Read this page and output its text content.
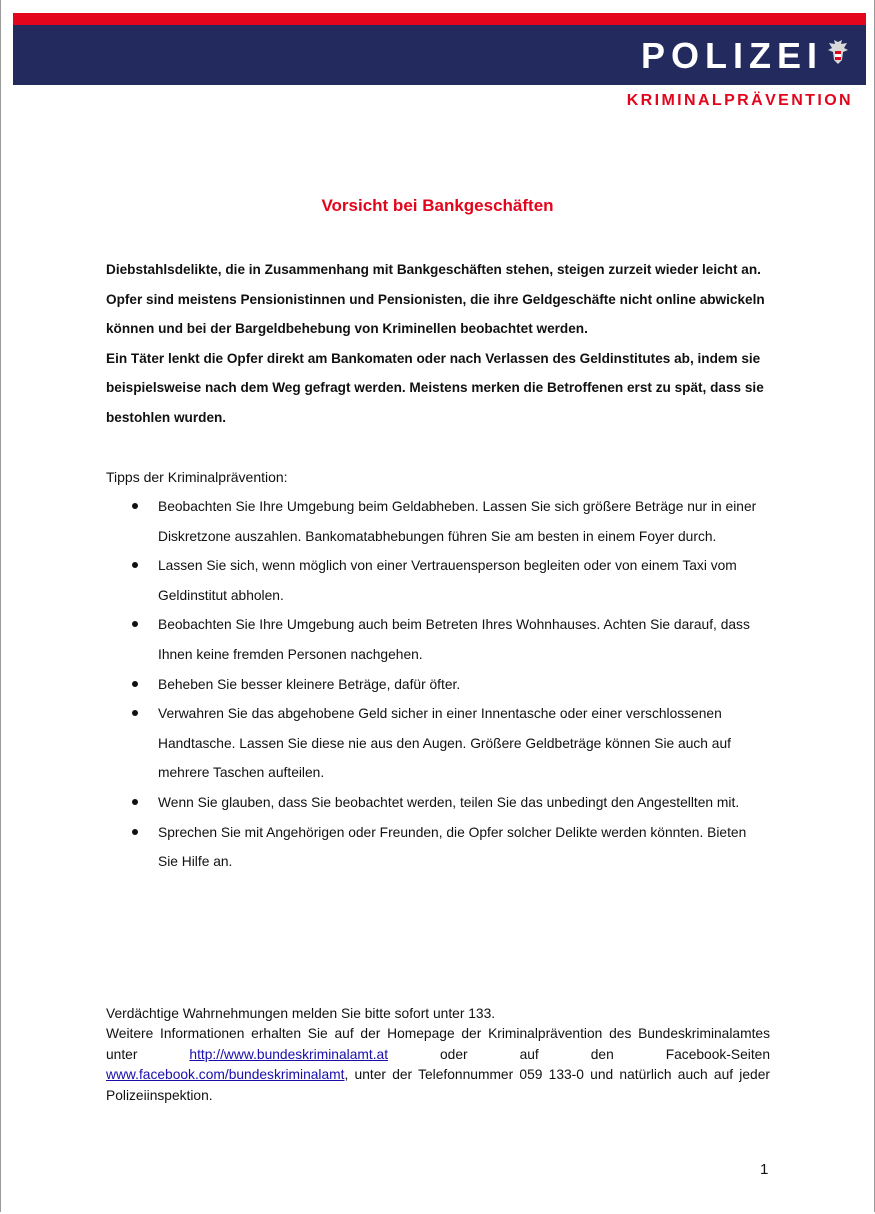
POLIZEI
KRIMINALPRÄVENTION
Vorsicht bei Bankgeschäften

Diebstahlsdelikte, die in Zusammenhang mit Bankgeschäften stehen, steigen zurzeit wieder leicht an. Opfer sind meistens Pensionistinnen und Pensionisten, die ihre Geldgeschäfte nicht online abwickeln können und bei der Bargeldbehebung von Kriminellen beobachtet werden.

Ein Täter lenkt die Opfer direkt am Bankomaten oder nach Verlassen des Geldinstitutes ab, indem sie beispielsweise nach dem Weg gefragt werden. Meistens merken die Betroffenen erst zu spät, dass sie bestohlen wurden.

Tipps der Kriminalprävention:
Beobachten Sie Ihre Umgebung beim Geldabheben. Lassen Sie sich größere Beträge nur in einer Diskretzone auszahlen. Bankomatabhebungen führen Sie am besten in einem Foyer durch.
Lassen Sie sich, wenn möglich von einer Vertrauensperson begleiten oder von einem Taxi vom Geldinstitut abholen.
Beobachten Sie Ihre Umgebung auch beim Betreten Ihres Wohnhauses. Achten Sie darauf, dass Ihnen keine fremden Personen nachgehen.
Beheben Sie besser kleinere Beträge, dafür öfter.
Verwahren Sie das abgehobene Geld sicher in einer Innentasche oder einer verschlossenen Handtasche. Lassen Sie diese nie aus den Augen. Größere Geldbeträge können Sie auch auf mehrere Taschen aufteilen.
Wenn Sie glauben, dass Sie beobachtet werden, teilen Sie das unbedingt den Angestellten mit.
Sprechen Sie mit Angehörigen oder Freunden, die Opfer solcher Delikte werden könnten. Bieten Sie Hilfe an.

Verdächtige Wahrnehmungen melden Sie bitte sofort unter 133.

Weitere Informationen erhalten Sie auf der Homepage der Kriminalprävention des Bundeskriminalamtes unter http://www.bundeskriminalamt.at oder auf den Facebook-Seiten www.facebook.com/bundeskriminalamt, unter der Telefonnummer 059 133-0 und natürlich auch auf jeder Polizeiinspektion.

1
